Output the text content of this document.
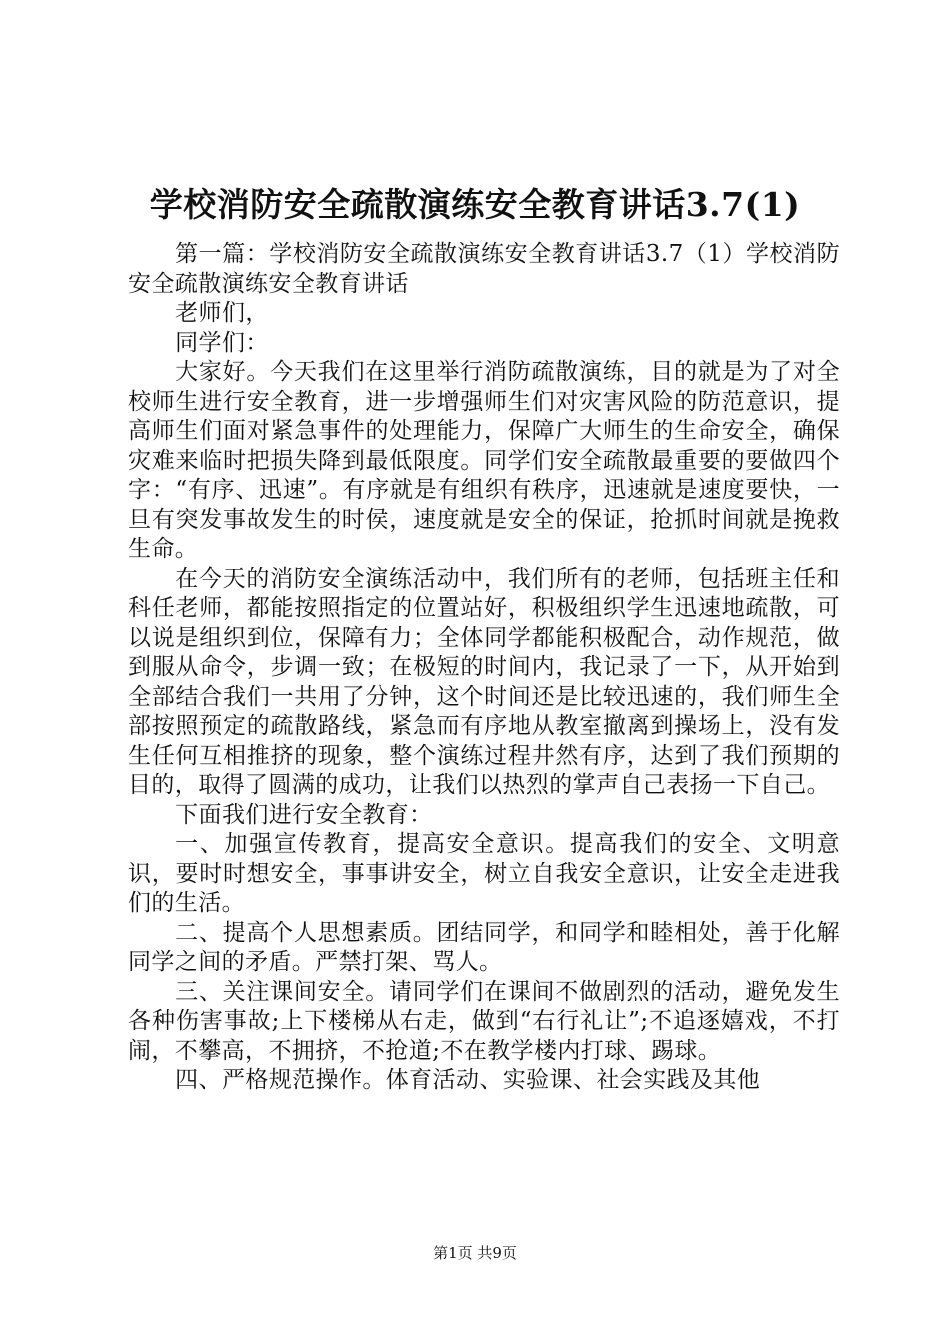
学校消防安全疏散演练安全教育讲话3.7(1)

第一篇：学校消防安全疏散演练安全教育讲话3.7（1）学校消防安全疏散演练安全教育讲话

老师们，

同学们：

大家好。今天我们在这里举行消防疏散演练，目的就是为了对全校师生进行安全教育，进一步增强师生们对灾害风险的防范意识，提高师生们面对紧急事件的处理能力，保障广大师生的生命安全，确保灾难来临时把损失降到最低限度。同学们安全疏散最重要的要做四个字：“有序、迅速”。有序就是有组织有秩序，迅速就是速度要快，一旦有突发事故发生的时侯，速度就是安全的保证，抢抓时间就是挽救生命。

在今天的消防安全演练活动中，我们所有的老师，包括班主任和科任老师，都能按照指定的位置站好，积极组织学生迅速地疏散，可以说是组织到位，保障有力；全体同学都能积极配合，动作规范，做到服从命令，步调一致；在极短的时间内，我记录了一下，从开始到全部结合我们一共用了分钟，这个时间还是比较迅速的，我们师生全部按照预定的疏散路线，紧急而有序地从教室撤离到操场上，没有发生任何互相推挤的现象，整个演练过程井然有序，达到了我们预期的目的，取得了圆满的成功，让我们以热烈的掌声自己表扬一下自己。

下面我们进行安全教育：

一、加强宣传教育，提高安全意识。提高我们的安全、文明意识，要时时想安全，事事讲安全，树立自我安全意识，让安全走进我们的生活。

二、提高个人思想素质。团结同学，和同学和睦相处，善于化解同学之间的矛盾。严禁打架、骂人。

三、关注课间安全。请同学们在课间不做剧烈的活动，避免发生各种伤害事故;上下楼梯从右走，做到“右行礼让”;不追逐嬉戏，不打闹，不攀高，不拥挤，不抢道;不在教学楼内打球、踢球。

四、严格规范操作。体育活动、实验课、社会实践及其他

第1页 共9页
